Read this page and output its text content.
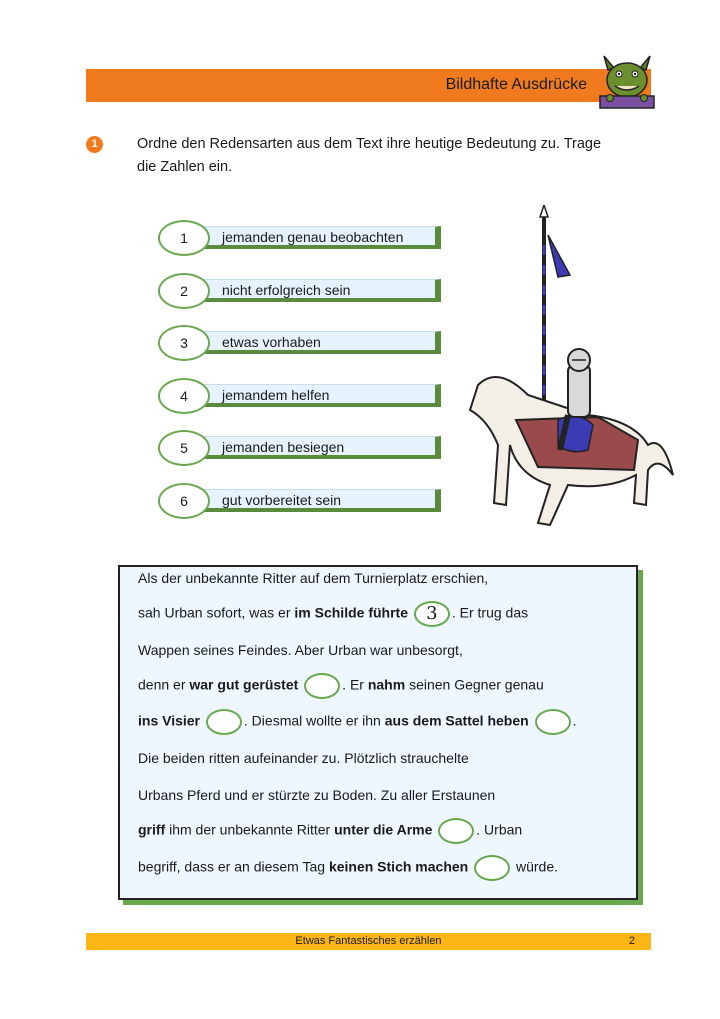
Bildhafte Ausdrücke
1	Ordne den Redensarten aus dem Text ihre heutige Bedeutung zu. Trage die Zahlen ein.
1	jemanden genau beobachten
2	nicht erfolgreich sein
3	etwas vorhaben
4	jemandem helfen
5	jemanden besiegen
6	gut vorbereitet sein
Als der unbekannte Ritter auf dem Turnierplatz erschien,
sah Urban sofort, was er im Schilde führte 3 . Er trug das
Wappen seines Feindes. Aber Urban war unbesorgt,
denn er war gut gerüstet	. Er nahm seinen Gegner genau
ins Visier	. Diesmal wollte er ihn aus dem Sattel heben	.
Die beiden ritten aufeinander zu. Plötzlich strauchelte
Urbans Pferd und er stürzte zu Boden. Zu aller Erstaunen
griff ihm der unbekannte Ritter unter die Arme	. Urban
begriff, dass er an diesem Tag keinen Stich machen	würde.
Etwas Fantastisches erzählen	2
